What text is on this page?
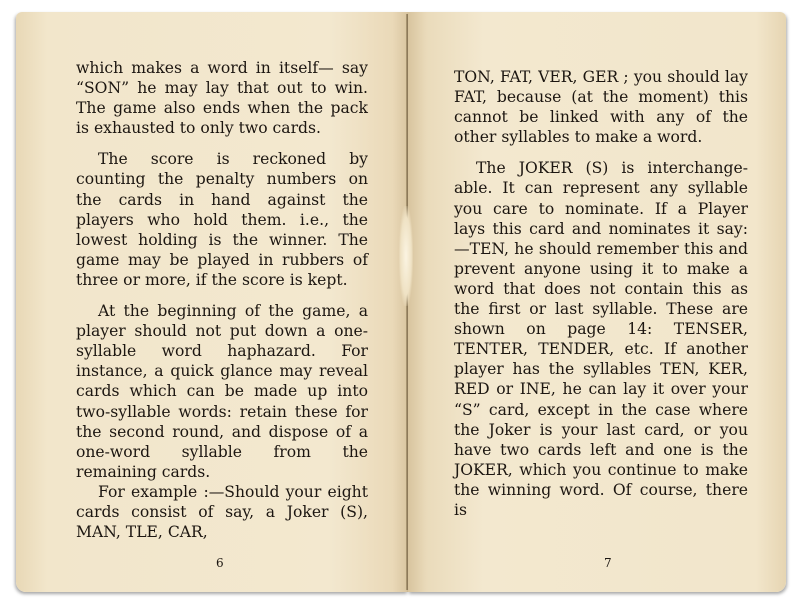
which makes a word in itself— say “SON” he may lay that out to win. The game also ends when the pack is exhausted to only two cards.

The score is reckoned by counting the penalty numbers on the cards in hand against the players who hold them. i.e., the lowest holding is the winner. The game may be played in rubbers of three or more, if the score is kept.

At the beginning of the game, a player should not put down a one-syllable word haphazard. For instance, a quick glance may reveal cards which can be made up into two-syllable words: retain these for the second round, and dispose of a one-word syllable from the remaining cards.

For example :—Should your eight cards consist of say, a Joker (S), MAN, TLE, CAR,

6

TON, FAT, VER, GER ; you should lay FAT, because (at the moment) this cannot be linked with any of the other syllables to make a word.

The JOKER (S) is interchange-able. It can represent any syllable you care to nominate. If a Player lays this card and nominates it say:—TEN, he should remember this and prevent anyone using it to make a word that does not contain this as the first or last syllable. These are shown on page 14: TENSER, TENTER, TENDER, etc. If another player has the syllables TEN, KER, RED or INE, he can lay it over your “S” card, except in the case where the Joker is your last card, or you have two cards left and one is the JOKER, which you continue to make the winning word. Of course, there is

7
